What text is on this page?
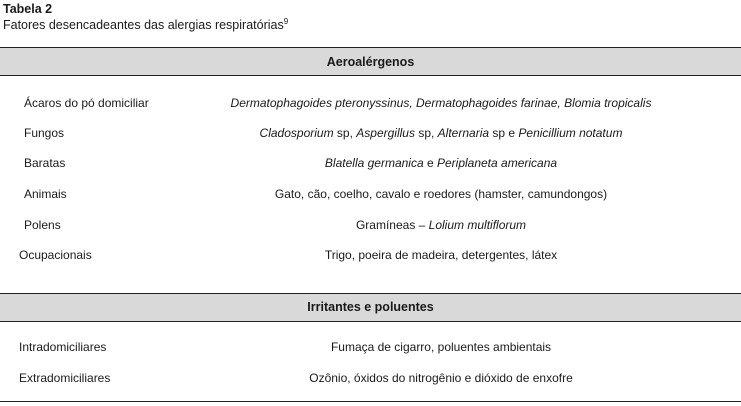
Tabela 2
Fatores desencadeantes das alergias respiratórias$^9$
Aeroalérgenos
Ácaros do pó domiciliar	Dermatophagoides pteronyssinus, Dermatophagoides farinae, Blomia tropicalis
Fungos	Cladosporium sp, Aspergillus sp, Alternaria sp e Penicillium notatum
Baratas	Blatella germanica e Periplaneta americana
Animais	Gato, cão, coelho, cavalo e roedores (hamster, camundongos)
Polens	Gramíneas – Lolium multiflorum
Ocupacionais	Trigo, poeira de madeira, detergentes, látex
Irritantes e poluentes
Intradomiciliares	Fumaça de cigarro, poluentes ambientais
Extradomiciliares	Ozônio, óxidos do nitrogênio e dióxido de enxofre
